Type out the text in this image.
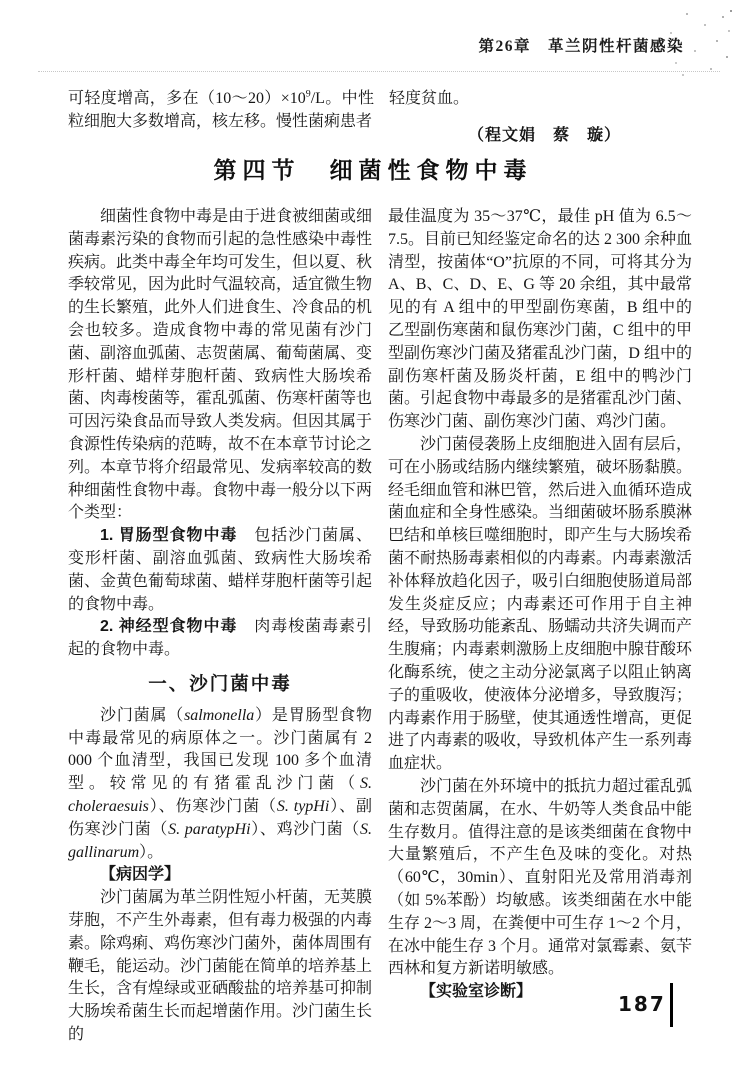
第26章　革兰阴性杆菌感染
可轻度增高，多在$(10\sim 20)\times 10^9/L$。中性粒细胞大多数增高，核左移。慢性菌痢患者

轻度贫血。

（程文娟　蔡　璇）

第四节　细菌性食物中毒

细菌性食物中毒是由于进食被细菌或细菌毒素污染的食物而引起的急性感染中毒性疾病。此类中毒全年均可发生，但以夏、秋季较常见，因为此时气温较高，适宜微生物的生长繁殖，此外人们进食生、冷食品的机会也较多。造成食物中毒的常见菌有沙门菌、副溶血弧菌、志贺菌属、葡萄菌属、变形杆菌、蜡样芽胞杆菌、致病性大肠埃希菌、肉毒梭菌等，霍乱弧菌、伤寒杆菌等也可因污染食品而导致人类发病。但因其属于食源性传染病的范畴，故不在本章节讨论之列。本章节将介绍最常见、发病率较高的数种细菌性食物中毒。食物中毒一般分以下两个类型：

1. 胃肠型食物中毒　包括沙门菌属、变形杆菌、副溶血弧菌、致病性大肠埃希菌、金黄色葡萄球菌、蜡样芽胞杆菌等引起的食物中毒。

2. 神经型食物中毒　肉毒梭菌毒素引起的食物中毒。

一、沙门菌中毒

沙门菌属（salmonella）是胃肠型食物中毒最常见的病原体之一。沙门菌属有 2 000 个血清型，我国已发现 100 多个血清型。较常见的有猪霍乱沙门菌（S. choleraesuis）、伤寒沙门菌（S. typHi）、副伤寒沙门菌（S. paratypHi）、鸡沙门菌（S. gallinarum）。

【病因学】

沙门菌属为革兰阴性短小杆菌，无荚膜芽胞，不产生外毒素，但有毒力极强的内毒素。除鸡痢、鸡伤寒沙门菌外，菌体周围有鞭毛，能运动。沙门菌能在简单的培养基上生长，含有煌绿或亚硒酸盐的培养基可抑制大肠埃希菌生长而起增菌作用。沙门菌生长的

最佳温度为 35～37℃，最佳 pH 值为 6.5～7.5。目前已知经鉴定命名的达 2 300 余种血清型，按菌体“O”抗原的不同，可将其分为 A、B、C、D、E、G 等 20 余组，其中最常见的有 A 组中的甲型副伤寒菌，B 组中的乙型副伤寒菌和鼠伤寒沙门菌，C 组中的甲型副伤寒沙门菌及猪霍乱沙门菌，D 组中的副伤寒杆菌及肠炎杆菌，E 组中的鸭沙门菌。引起食物中毒最多的是猪霍乱沙门菌、伤寒沙门菌、副伤寒沙门菌、鸡沙门菌。

沙门菌侵袭肠上皮细胞进入固有层后，可在小肠或结肠内继续繁殖，破坏肠黏膜。经毛细血管和淋巴管，然后进入血循环造成菌血症和全身性感染。当细菌破坏肠系膜淋巴结和单核巨噬细胞时，即产生与大肠埃希菌不耐热肠毒素相似的内毒素。内毒素激活补体释放趋化因子，吸引白细胞使肠道局部发生炎症反应；内毒素还可作用于自主神经，导致肠功能紊乱、肠蠕动共济失调而产生腹痛；内毒素刺激肠上皮细胞中腺苷酸环化酶系统，使之主动分泌氯离子以阻止钠离子的重吸收，使液体分泌增多，导致腹泻；内毒素作用于肠壁，使其通透性增高，更促进了内毒素的吸收，导致机体产生一系列毒血症状。

沙门菌在外环境中的抵抗力超过霍乱弧菌和志贺菌属，在水、牛奶等人类食品中能生存数月。值得注意的是该类细菌在食物中大量繁殖后，不产生色及味的变化。对热（60℃，30min）、直射阳光及常用消毒剂（如 5%苯酚）均敏感。该类细菌在水中能生存 2～3 周，在粪便中可生存 1～2 个月，在冰中能生存 3 个月。通常对氯霉素、氨苄西林和复方新诺明敏感。

【实验室诊断】

187
